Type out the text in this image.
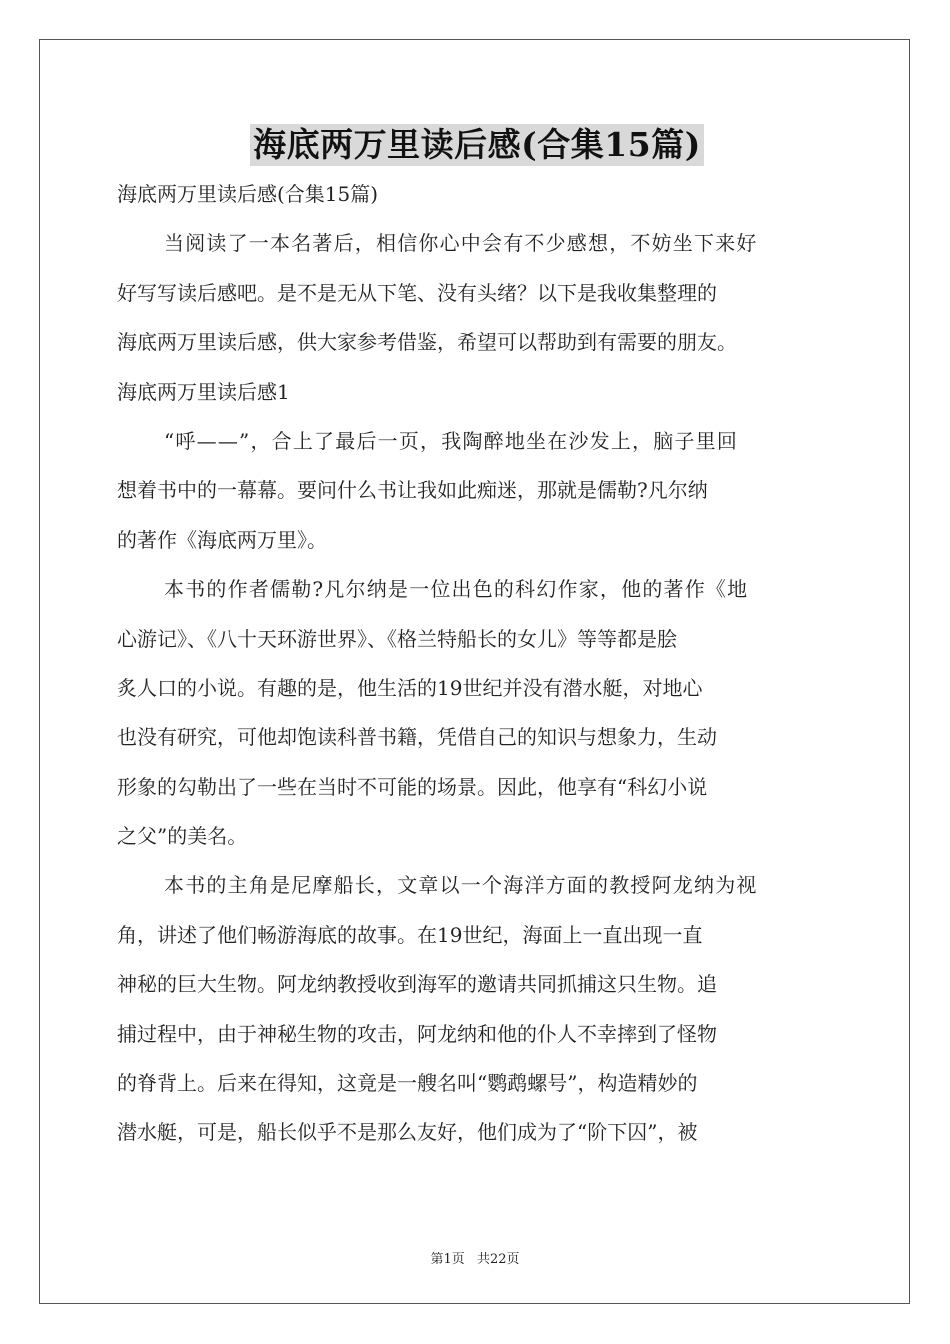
海底两万里读后感(合集15篇)
海底两万里读后感(合集15篇)
当阅读了一本名著后，相信你心中会有不少感想，不妨坐下来好
好写写读后感吧。是不是无从下笔、没有头绪？以下是我收集整理的
海底两万里读后感，供大家参考借鉴，希望可以帮助到有需要的朋友。
海底两万里读后感1
“呼——”，合上了最后一页，我陶醉地坐在沙发上，脑子里回
想着书中的一幕幕。要问什么书让我如此痴迷，那就是儒勒?凡尔纳
的著作《海底两万里》。
本书的作者儒勒?凡尔纳是一位出色的科幻作家，他的著作《地
心游记》、《八十天环游世界》、《格兰特船长的女儿》等等都是脍
炙人口的小说。有趣的是，他生活的19世纪并没有潜水艇，对地心
也没有研究，可他却饱读科普书籍，凭借自己的知识与想象力，生动
形象的勾勒出了一些在当时不可能的场景。因此，他享有“科幻小说
之父”的美名。
本书的主角是尼摩船长，文章以一个海洋方面的教授阿龙纳为视
角，讲述了他们畅游海底的故事。在19世纪，海面上一直出现一直
神秘的巨大生物。阿龙纳教授收到海军的邀请共同抓捕这只生物。追
捕过程中，由于神秘生物的攻击，阿龙纳和他的仆人不幸摔到了怪物
的脊背上。后来在得知，这竟是一艘名叫“鹦鹉螺号”，构造精妙的
潜水艇，可是，船长似乎不是那么友好，他们成为了“阶下囚”，被
第1页 共22页
